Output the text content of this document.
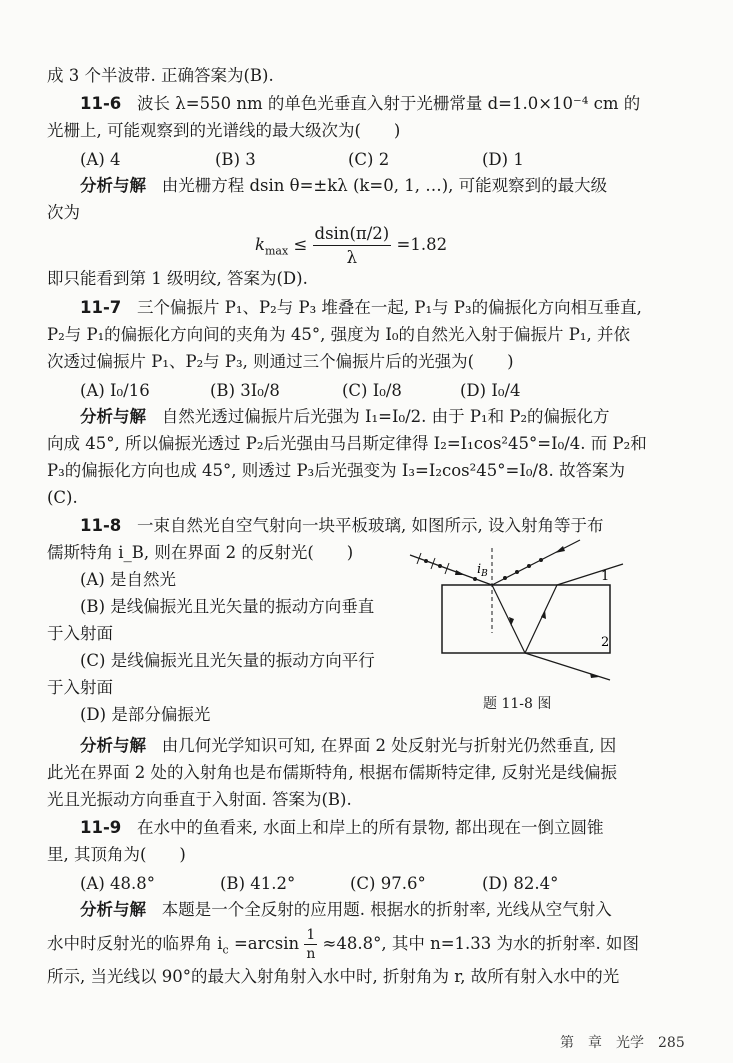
成 3 个半波带. 正确答案为(B).
11-6 波长 λ=550 nm 的单色光垂直入射于光栅常量 d=1.0×10⁻⁴ cm 的
光栅上, 可能观察到的光谱线的最大级次为(　　)
(A) 4	(B) 3	(C) 2	(D) 1
分析与解 由光栅方程 dsin θ=±kλ (k=0, 1, …), 可能观察到的最大级
次为
$k_{max} \le \frac{dsin(\pi/2)}{\lambda} =1.82$
即只能看到第 1 级明纹, 答案为(D).
11-7 三个偏振片 P₁、P₂与 P₃ 堆叠在一起, P₁与 P₃的偏振化方向相互垂直,
P₂与 P₁的偏振化方向间的夹角为 45°, 强度为 I₀的自然光入射于偏振片 P₁, 并依
次透过偏振片 P₁、P₂与 P₃, 则通过三个偏振片后的光强为(　　)
(A) I₀/16	(B) 3I₀/8	(C) I₀/8	(D) I₀/4
分析与解 自然光透过偏振片后光强为 I₁=I₀/2. 由于 P₁和 P₂的偏振化方
向成 45°, 所以偏振光透过 P₂后光强由马吕斯定律得 I₂=I₁cos²45°=I₀/4. 而 P₂和
P₃的偏振化方向也成 45°, 则透过 P₃后光强变为 I₃=I₂cos²45°=I₀/8. 故答案为
(C).
11-8 一束自然光自空气射向一块平板玻璃, 如图所示, 设入射角等于布
儒斯特角 i_B, 则在界面 2 的反射光(　　)
(A) 是自然光
(B) 是线偏振光且光矢量的振动方向垂直
于入射面
(C) 是线偏振光且光矢量的振动方向平行
于入射面
(D) 是部分偏振光
$i_B$	1
2
题 11-8 图
分析与解 由几何光学知识可知, 在界面 2 处反射光与折射光仍然垂直, 因
此光在界面 2 处的入射角也是布儒斯特角, 根据布儒斯特定律, 反射光是线偏振
光且光振动方向垂直于入射面. 答案为(B).
11-9 在水中的鱼看来, 水面上和岸上的所有景物, 都出现在一倒立圆锥
里, 其顶角为(　　)
(A) 48.8°	(B) 41.2°	(C) 97.6°	(D) 82.4°
分析与解 本题是一个全反射的应用题. 根据水的折射率, 光线从空气射入
水中时反射光的临界角 $i_c =\arcsin \frac{1}{n} \approx 48.8^\circ$, 其中 n=1.33 为水的折射率. 如图
所示, 当光线以 90°的最大入射角射入水中时, 折射角为 r, 故所有射入水中的光
第　章　光学　285
